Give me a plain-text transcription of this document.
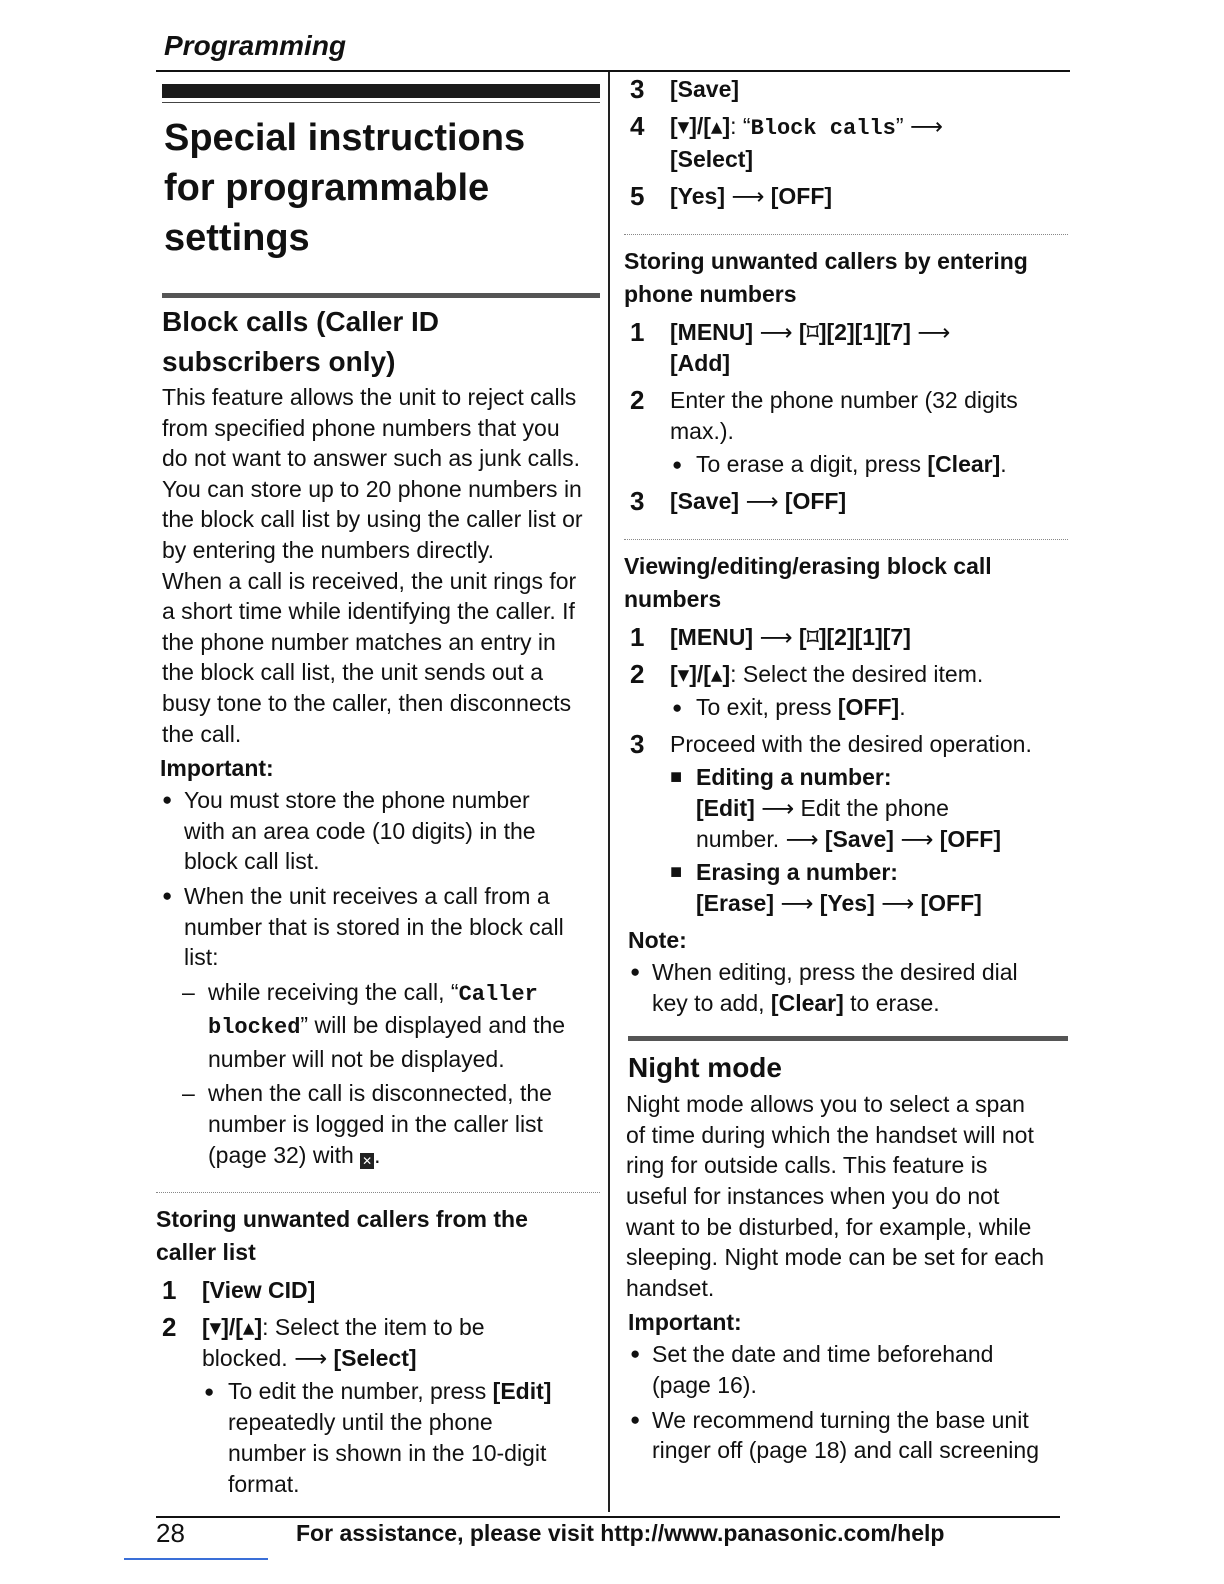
Programming
Special instructions
for programmable
settings
Block calls (Caller ID
subscribers only)
This feature allows the unit to reject calls
from specified phone numbers that you
do not want to answer such as junk calls.
You can store up to 20 phone numbers in
the block call list by using the caller list or
by entering the numbers directly.
When a call is received, the unit rings for
a short time while identifying the caller. If
the phone number matches an entry in
the block call list, the unit sends out a
busy tone to the caller, then disconnects
the call.
Important:
● You must store the phone number
with an area code (10 digits) in the
block call list.
● When the unit receives a call from a
number that is stored in the block call
list:
– while receiving the call, “Caller
blocked” will be displayed and the
number will not be displayed.
– when the call is disconnected, the
number is logged in the caller list
(page 32) with ✕.
Storing unwanted callers from the
caller list
1 [View CID]
2 [▾]/[▴]: Select the item to be
blocked. ⟶ [Select]
● To edit the number, press [Edit]
repeatedly until the phone
number is shown in the 10-digit
format.
3 [Save]
4 [▾]/[▴]: “Block calls” ⟶
[Select]
5 [Yes] ⟶ [OFF]
Storing unwanted callers by entering
phone numbers
1 [MENU] ⟶ [⌑][2][1][7] ⟶
[Add]
2 Enter the phone number (32 digits
max.).
● To erase a digit, press [Clear].
3 [Save] ⟶ [OFF]
Viewing/editing/erasing block call
numbers
1 [MENU] ⟶ [⌑][2][1][7]
2 [▾]/[▴]: Select the desired item.
● To exit, press [OFF].
3 Proceed with the desired operation.
■ Editing a number:
[Edit] ⟶ Edit the phone
number. ⟶ [Save] ⟶ [OFF]
■ Erasing a number:
[Erase] ⟶ [Yes] ⟶ [OFF]
Note:
● When editing, press the desired dial
key to add, [Clear] to erase.
Night mode
Night mode allows you to select a span
of time during which the handset will not
ring for outside calls. This feature is
useful for instances when you do not
want to be disturbed, for example, while
sleeping. Night mode can be set for each
handset.
Important:
● Set the date and time beforehand
(page 16).
● We recommend turning the base unit
ringer off (page 18) and call screening
28	For assistance, please visit http://www.panasonic.com/help
